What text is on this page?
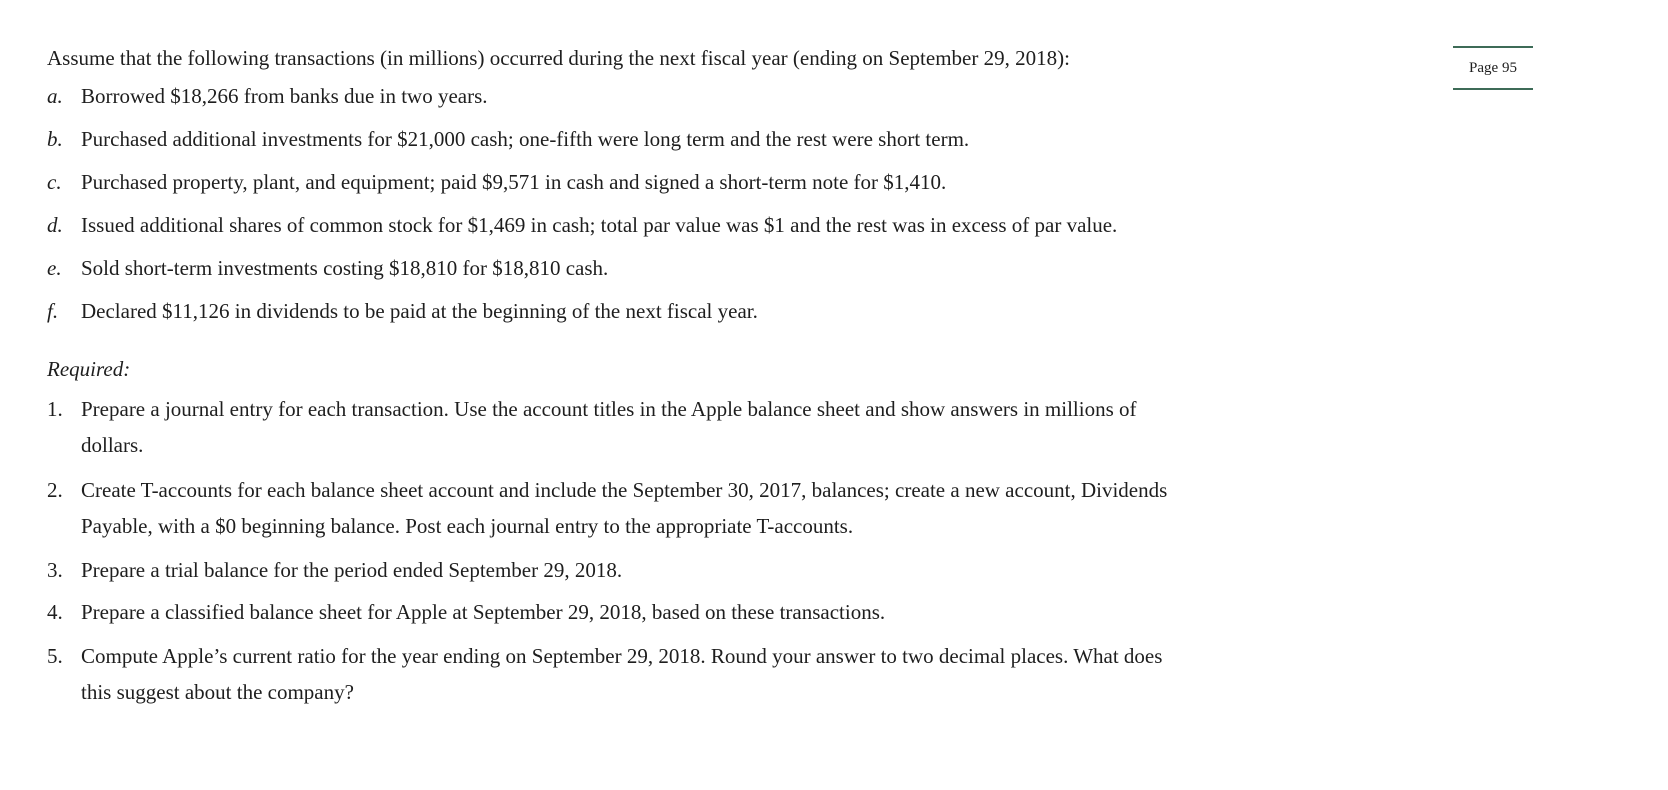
Assume that the following transactions (in millions) occurred during the next fiscal year (ending on September 29, 2018):	Page 95
a. Borrowed $18,266 from banks due in two years.
b. Purchased additional investments for $21,000 cash; one-fifth were long term and the rest were short term.
c. Purchased property, plant, and equipment; paid $9,571 in cash and signed a short-term note for $1,410.
d. Issued additional shares of common stock for $1,469 in cash; total par value was $1 and the rest was in excess of par value.
e. Sold short-term investments costing $18,810 for $18,810 cash.
f. Declared $11,126 in dividends to be paid at the beginning of the next fiscal year.
Required:
1. Prepare a journal entry for each transaction. Use the account titles in the Apple balance sheet and show answers in millions of
dollars.
2. Create T-accounts for each balance sheet account and include the September 30, 2017, balances; create a new account, Dividends
Payable, with a $0 beginning balance. Post each journal entry to the appropriate T-accounts.
3. Prepare a trial balance for the period ended September 29, 2018.
4. Prepare a classified balance sheet for Apple at September 29, 2018, based on these transactions.
5. Compute Apple’s current ratio for the year ending on September 29, 2018. Round your answer to two decimal places. What does
this suggest about the company?
